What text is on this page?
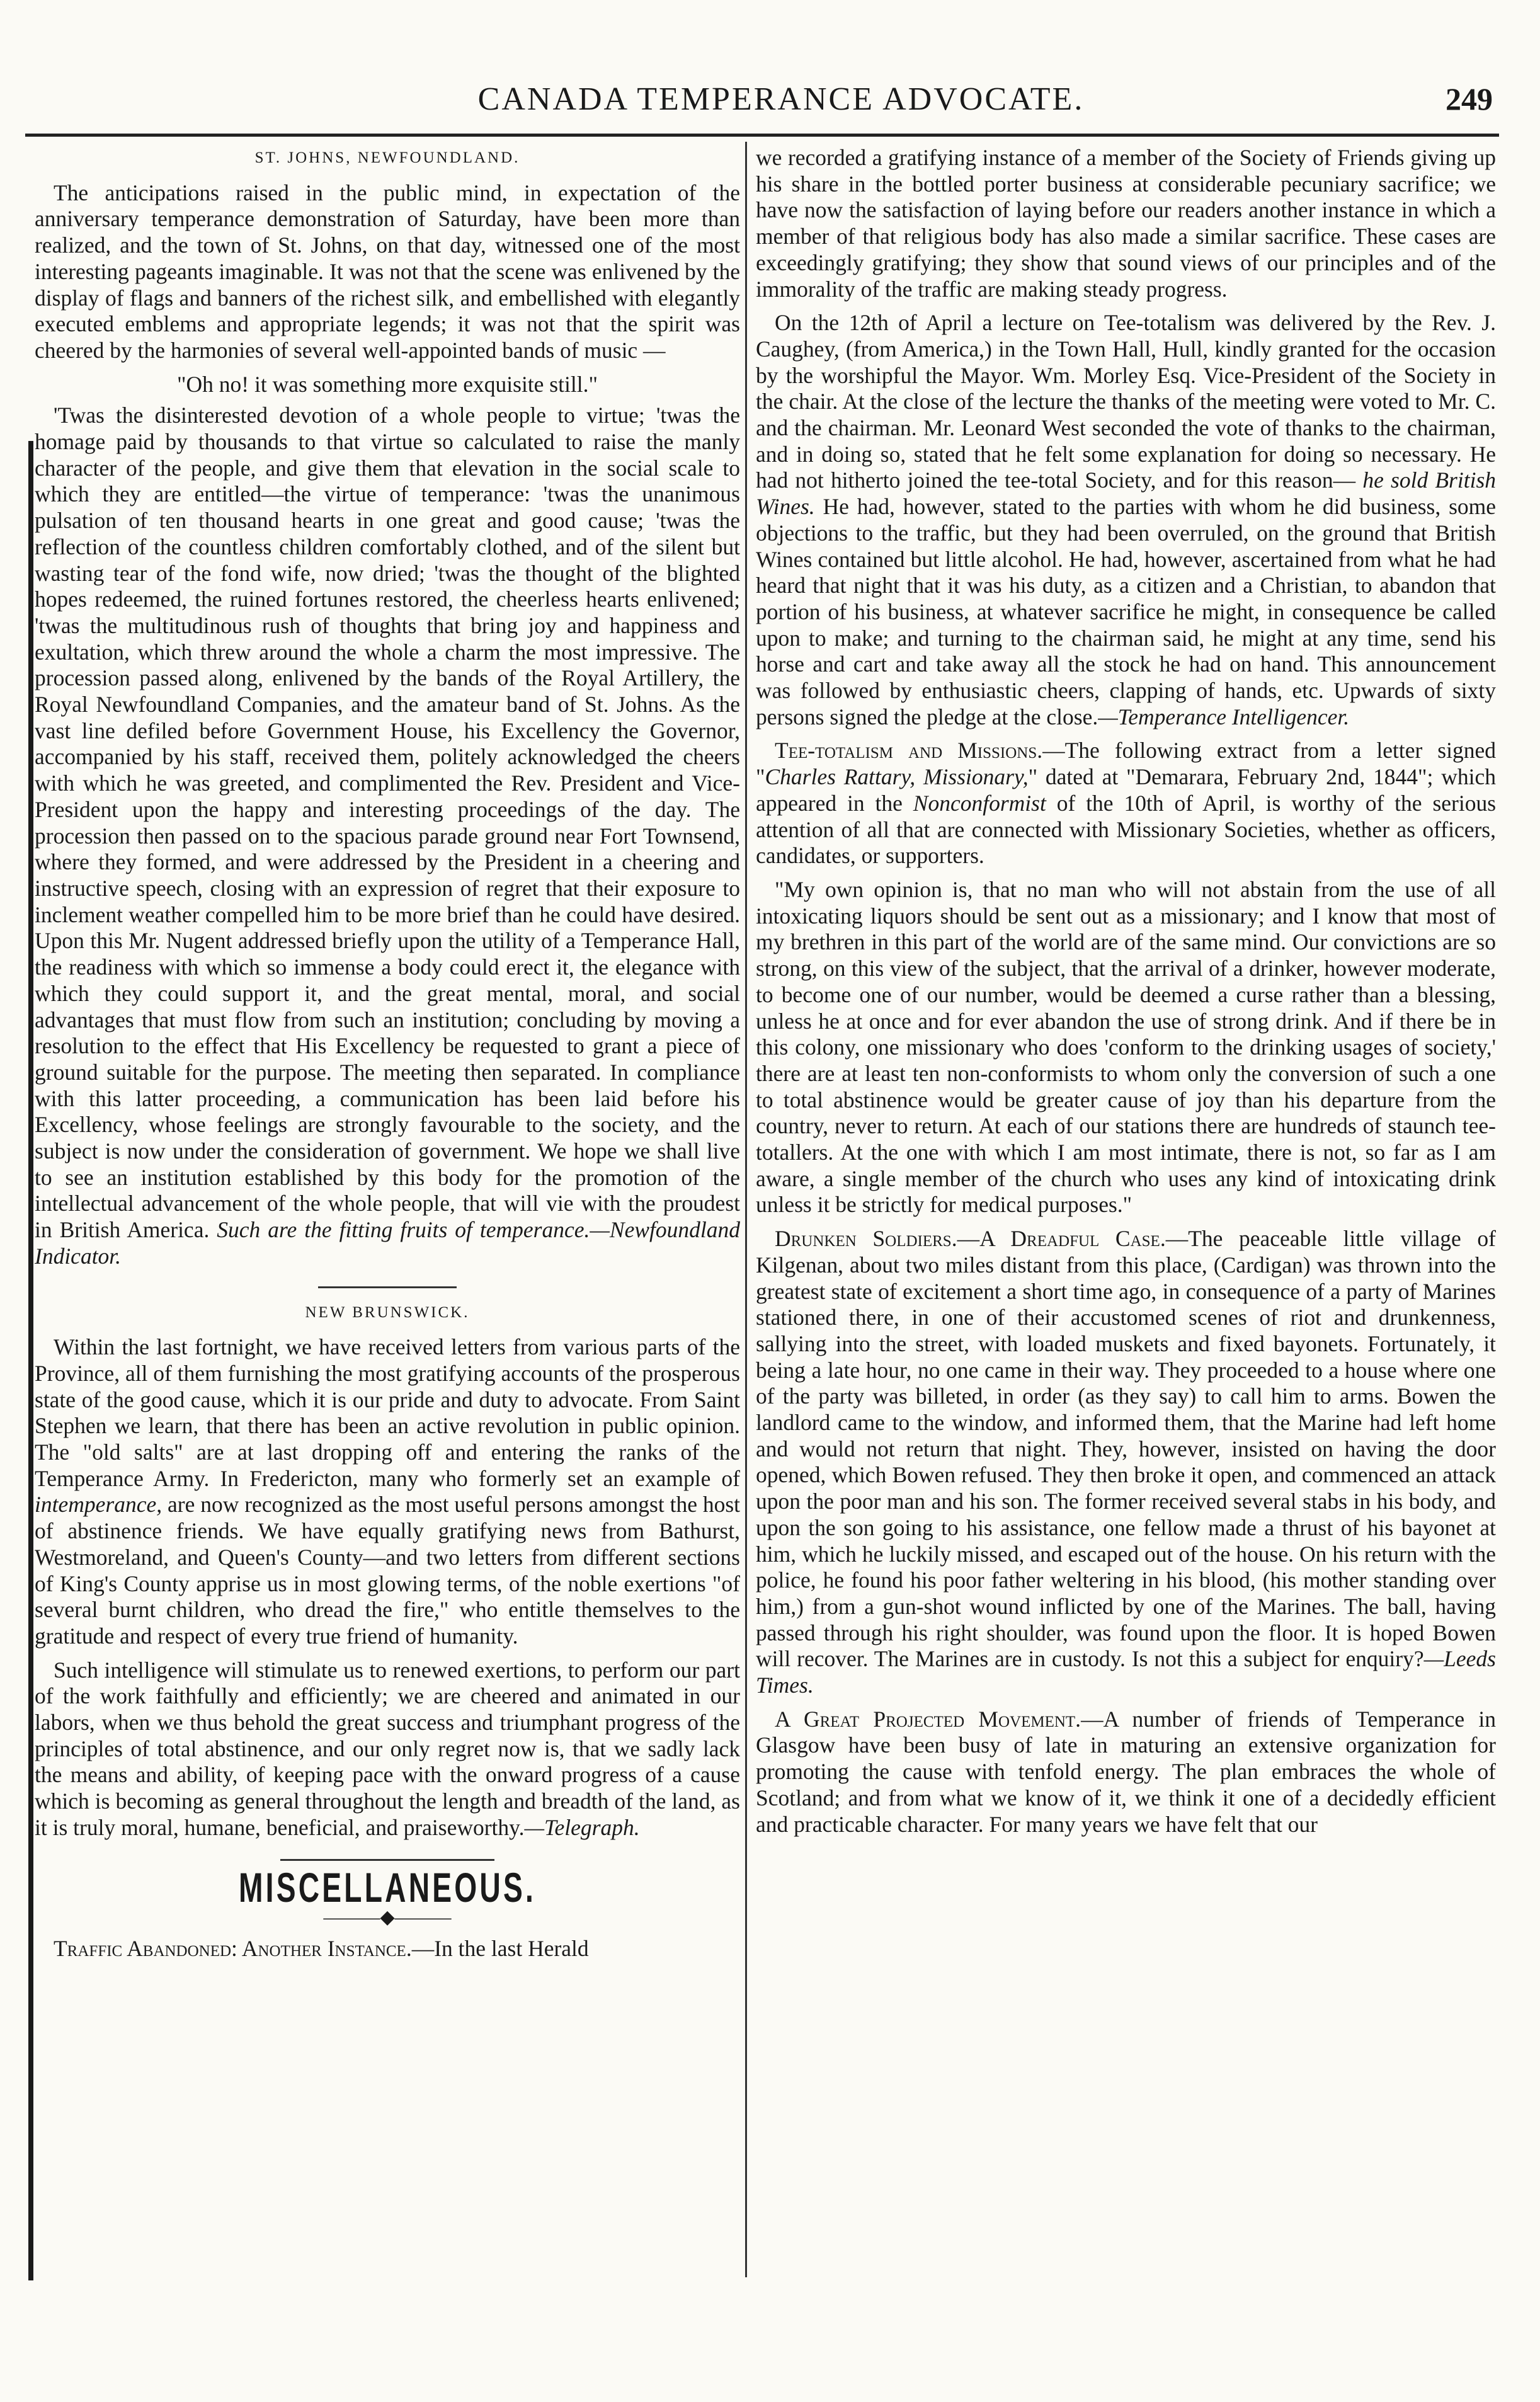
CANADA TEMPERANCE ADVOCATE.	249
ST. JOHNS, NEWFOUNDLAND.

The anticipations raised in the public mind, in expectation of the anniversary temperance demonstration of Saturday, have been more than realized, and the town of St. Johns, on that day, witnessed one of the most interesting pageants imaginable. It was not that the scene was enlivened by the display of flags and banners of the richest silk, and embellished with elegantly executed emblems and appropriate legends; it was not that the spirit was cheered by the harmonies of several well-appointed bands of music —

"Oh no! it was something more exquisite still."

'Twas the disinterested devotion of a whole people to virtue; 'twas the homage paid by thousands to that virtue so calculated to raise the manly character of the people, and give them that elevation in the social scale to which they are entitled—the virtue of temperance: 'twas the unanimous pulsation of ten thousand hearts in one great and good cause; 'twas the reflection of the countless children comfortably clothed, and of the silent but wasting tear of the fond wife, now dried; 'twas the thought of the blighted hopes redeemed, the ruined fortunes restored, the cheerless hearts enlivened; 'twas the multitudinous rush of thoughts that bring joy and happiness and exultation, which threw around the whole a charm the most impressive. The procession passed along, enlivened by the bands of the Royal Artillery, the Royal Newfoundland Companies, and the amateur band of St. Johns. As the vast line defiled before Government House, his Excellency the Governor, accompanied by his staff, received them, politely acknowledged the cheers with which he was greeted, and complimented the Rev. President and Vice-President upon the happy and interesting proceedings of the day. The procession then passed on to the spacious parade ground near Fort Townsend, where they formed, and were addressed by the President in a cheering and instructive speech, closing with an expression of regret that their exposure to inclement weather compelled him to be more brief than he could have desired. Upon this Mr. Nugent addressed briefly upon the utility of a Temperance Hall, the readiness with which so immense a body could erect it, the elegance with which they could support it, and the great mental, moral, and social advantages that must flow from such an institution; concluding by moving a resolution to the effect that His Excellency be requested to grant a piece of ground suitable for the purpose. The meeting then separated. In compliance with this latter proceeding, a communication has been laid before his Excellency, whose feelings are strongly favourable to the society, and the subject is now under the consideration of government. We hope we shall live to see an institution established by this body for the promotion of the intellectual advancement of the whole people, that will vie with the proudest in British America. Such are the fitting fruits of temperance.—Newfoundland Indicator.

NEW BRUNSWICK.

Within the last fortnight, we have received letters from various parts of the Province, all of them furnishing the most gratifying accounts of the prosperous state of the good cause, which it is our pride and duty to advocate. From Saint Stephen we learn, that there has been an active revolution in public opinion. The "old salts" are at last dropping off and entering the ranks of the Temperance Army. In Fredericton, many who formerly set an example of intemperance, are now recognized as the most useful persons amongst the host of abstinence friends. We have equally gratifying news from Bathurst, Westmoreland, and Queen's County—and two letters from different sections of King's County apprise us in most glowing terms, of the noble exertions "of several burnt children, who dread the fire," who entitle themselves to the gratitude and respect of every true friend of humanity.

Such intelligence will stimulate us to renewed exertions, to perform our part of the work faithfully and efficiently; we are cheered and animated in our labors, when we thus behold the great success and triumphant progress of the principles of total abstinence, and our only regret now is, that we sadly lack the means and ability, of keeping pace with the onward progress of a cause which is becoming as general throughout the length and breadth of the land, as it is truly moral, humane, beneficial, and praiseworthy.—Telegraph.

MISCELLANEOUS.
———◆———

Traffic Abandoned: Another Instance.—In the last Herald

we recorded a gratifying instance of a member of the Society of Friends giving up his share in the bottled porter business at considerable pecuniary sacrifice; we have now the satisfaction of laying before our readers another instance in which a member of that religious body has also made a similar sacrifice. These cases are exceedingly gratifying; they show that sound views of our principles and of the immorality of the traffic are making steady progress.

On the 12th of April a lecture on Tee-totalism was delivered by the Rev. J. Caughey, (from America,) in the Town Hall, Hull, kindly granted for the occasion by the worshipful the Mayor. Wm. Morley Esq. Vice-President of the Society in the chair. At the close of the lecture the thanks of the meeting were voted to Mr. C. and the chairman. Mr. Leonard West seconded the vote of thanks to the chairman, and in doing so, stated that he felt some explanation for doing so necessary. He had not hitherto joined the tee-total Society, and for this reason— he sold British Wines. He had, however, stated to the parties with whom he did business, some objections to the traffic, but they had been overruled, on the ground that British Wines contained but little alcohol. He had, however, ascertained from what he had heard that night that it was his duty, as a citizen and a Christian, to abandon that portion of his business, at whatever sacrifice he might, in consequence be called upon to make; and turning to the chairman said, he might at any time, send his horse and cart and take away all the stock he had on hand. This announcement was followed by enthusiastic cheers, clapping of hands, etc. Upwards of sixty persons signed the pledge at the close.—Temperance Intelligencer.

Tee-totalism and Missions.—The following extract from a letter signed "Charles Rattary, Missionary," dated at "Demarara, February 2nd, 1844"; which appeared in the Nonconformist of the 10th of April, is worthy of the serious attention of all that are connected with Missionary Societies, whether as officers, candidates, or supporters.

"My own opinion is, that no man who will not abstain from the use of all intoxicating liquors should be sent out as a missionary; and I know that most of my brethren in this part of the world are of the same mind. Our convictions are so strong, on this view of the subject, that the arrival of a drinker, however moderate, to become one of our number, would be deemed a curse rather than a blessing, unless he at once and for ever abandon the use of strong drink. And if there be in this colony, one missionary who does 'conform to the drinking usages of society,' there are at least ten non-conformists to whom only the conversion of such a one to total abstinence would be greater cause of joy than his departure from the country, never to return. At each of our stations there are hundreds of staunch tee-totallers. At the one with which I am most intimate, there is not, so far as I am aware, a single member of the church who uses any kind of intoxicating drink unless it be strictly for medical purposes."

Drunken Soldiers.—A Dreadful Case.—The peaceable little village of Kilgenan, about two miles distant from this place, (Cardigan) was thrown into the greatest state of excitement a short time ago, in consequence of a party of Marines stationed there, in one of their accustomed scenes of riot and drunkenness, sallying into the street, with loaded muskets and fixed bayonets. Fortunately, it being a late hour, no one came in their way. They proceeded to a house where one of the party was billeted, in order (as they say) to call him to arms. Bowen the landlord came to the window, and informed them, that the Marine had left home and would not return that night. They, however, insisted on having the door opened, which Bowen refused. They then broke it open, and commenced an attack upon the poor man and his son. The former received several stabs in his body, and upon the son going to his assistance, one fellow made a thrust of his bayonet at him, which he luckily missed, and escaped out of the house. On his return with the police, he found his poor father weltering in his blood, (his mother standing over him,) from a gun-shot wound inflicted by one of the Marines. The ball, having passed through his right shoulder, was found upon the floor. It is hoped Bowen will recover. The Marines are in custody. Is not this a subject for enquiry?—Leeds Times.

A Great Projected Movement.—A number of friends of Temperance in Glasgow have been busy of late in maturing an extensive organization for promoting the cause with tenfold energy. The plan embraces the whole of Scotland; and from what we know of it, we think it one of a decidedly efficient and practicable character. For many years we have felt that our
